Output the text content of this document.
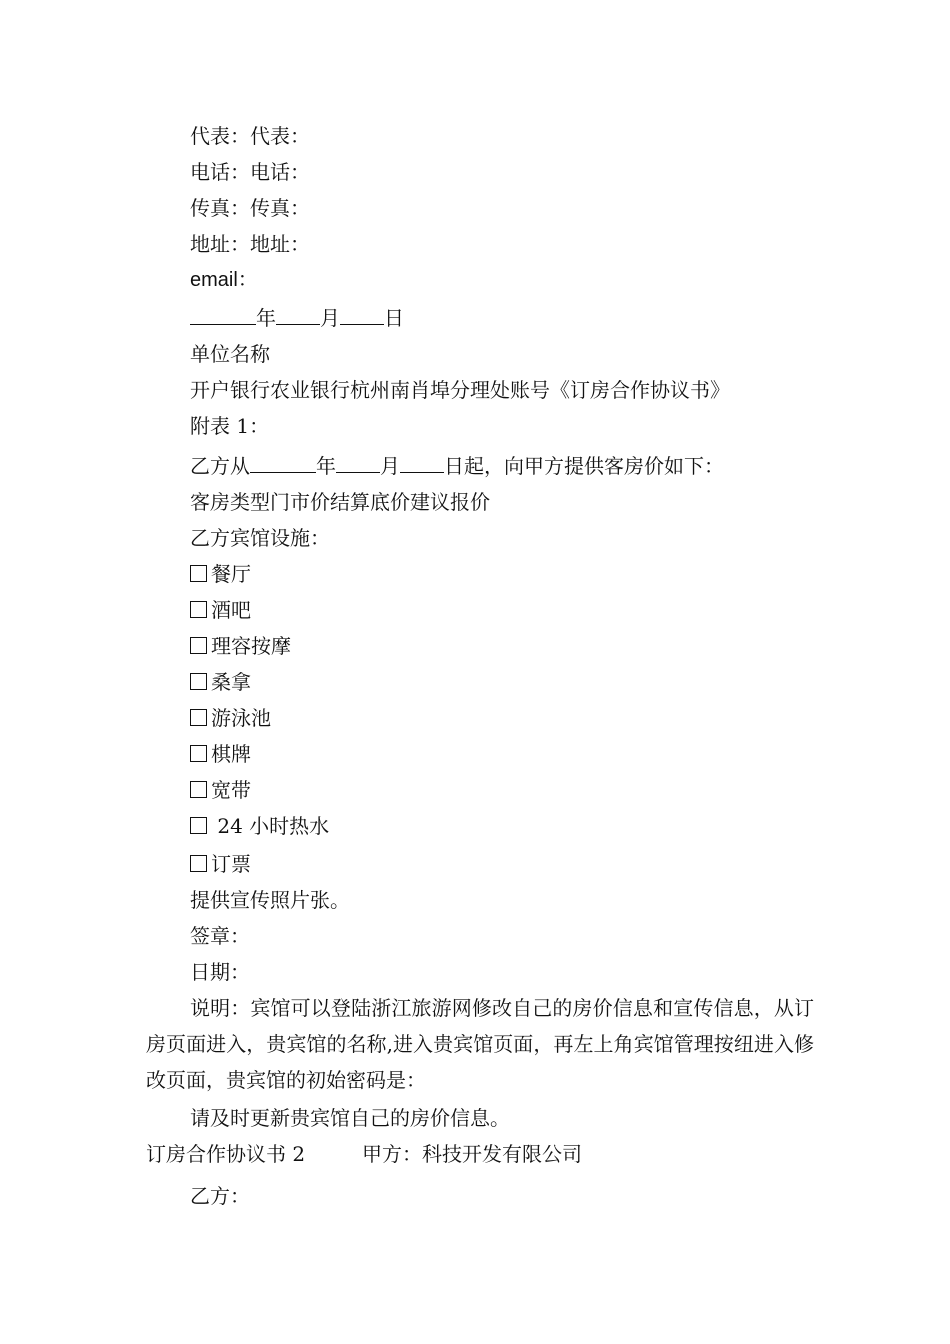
代表：代表：
电话：电话：
传真：传真：
地址：地址：
email：
年 月 日
单位名称
开户银行农业银行杭州南肖埠分理处账号《订房合作协议书》
附表 1：
乙方从	年 月 日起，向甲方提供客房价如下：
客房类型门市价结算底价建议报价
乙方宾馆设施：
餐厅
酒吧
理容按摩
桑拿
游泳池
棋牌
宽带
24 小时热水
订票
提供宣传照片张。
签章：
日期：
说明：宾馆可以登陆浙江旅游网修改自己的房价信息和宣传信息，从订房页面进入，贵宾馆的名称,进入贵宾馆页面，再左上角宾馆管理按纽进入修改页面，贵宾馆的初始密码是：
请及时更新贵宾馆自己的房价信息。
订房合作协议书 2	甲方：科技开发有限公司
乙方：
